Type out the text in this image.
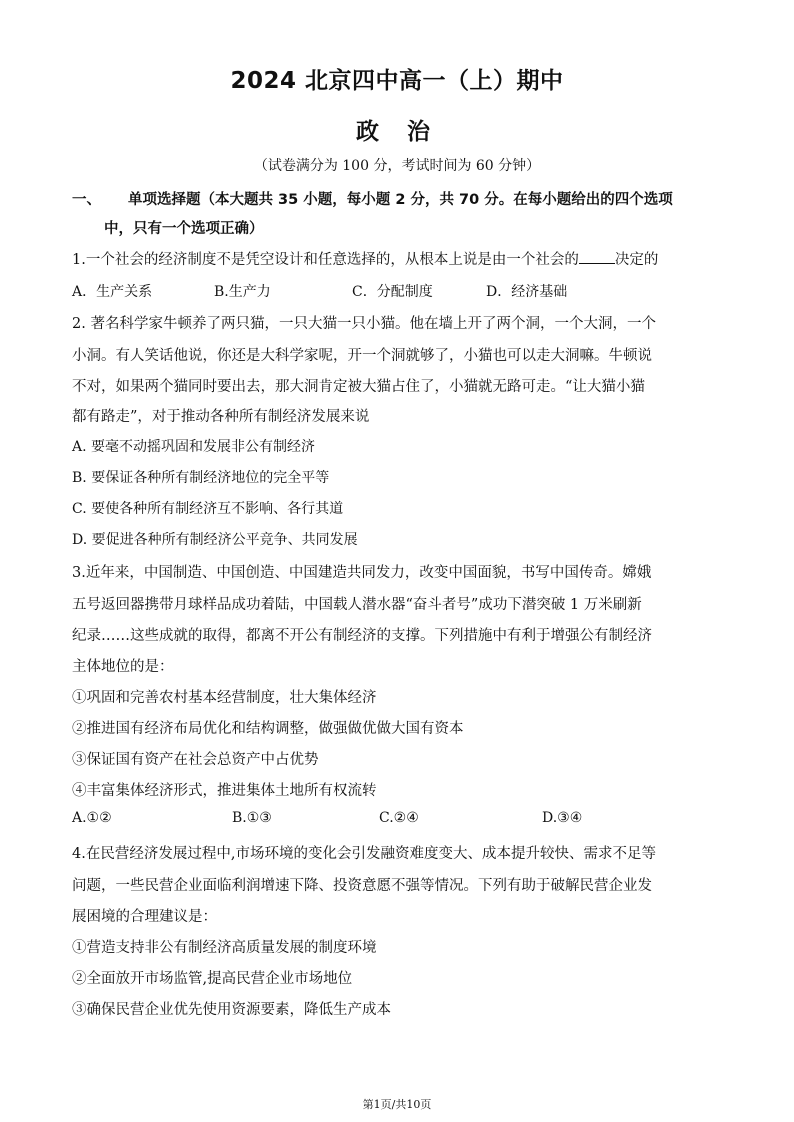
2024 北京四中高一（上）期中
政治
（试卷满分为 100 分，考试时间为 60 分钟）
一、 单项选择题（本大题共 35 小题，每小题 2 分，共 70 分。在每小题给出的四个选项
中，只有一个选项正确）
1.一个社会的经济制度不是凭空设计和任意选择的，从根本上说是由一个社会的 决定的
A．生产关系	B.生产力	C．分配制度	D．经济基础
2. 著名科学家牛顿养了两只猫，一只大猫一只小猫。他在墙上开了两个洞，一个大洞，一个
小洞。有人笑话他说，你还是大科学家呢，开一个洞就够了，小猫也可以走大洞嘛。牛顿说
不对，如果两个猫同时要出去，那大洞肯定被大猫占住了，小猫就无路可走。“让大猫小猫
都有路走”，对于推动各种所有制经济发展来说
A. 要毫不动摇巩固和发展非公有制经济
B. 要保证各种所有制经济地位的完全平等
C. 要使各种所有制经济互不影响、各行其道
D. 要促进各种所有制经济公平竞争、共同发展
3.近年来，中国制造、中国创造、中国建造共同发力，改变中国面貌，书写中国传奇。嫦娥
五号返回器携带月球样品成功着陆，中国载人潜水器“奋斗者号”成功下潜突破 1 万米刷新
纪录……这些成就的取得，都离不开公有制经济的支撑。下列措施中有利于增强公有制经济
主体地位的是：
①巩固和完善农村基本经营制度，壮大集体经济
②推进国有经济布局优化和结构调整，做强做优做大国有资本
③保证国有资产在社会总资产中占优势
④丰富集体经济形式，推进集体土地所有权流转
A.①②	B.①③	C.②④	D.③④
4.在民营经济发展过程中,市场环境的变化会引发融资难度变大、成本提升较快、需求不足等
问题，一些民营企业面临利润增速下降、投资意愿不强等情况。下列有助于破解民营企业发
展困境的合理建议是：
①营造支持非公有制经济高质量发展的制度环境
②全面放开市场监管,提高民营企业市场地位
③确保民营企业优先使用资源要素，降低生产成本
第1页/共10页
